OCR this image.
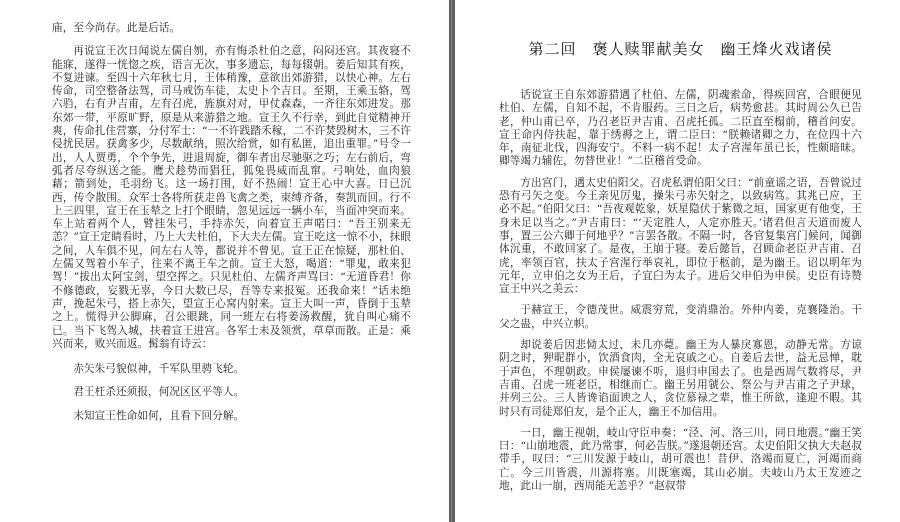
庙，至今尚存。此是后话。

再说宣王次日闻说左儒自刎，亦有悔杀杜伯之意，闷闷还宫。其夜寝不能寐，遂得一恍惚之疾，语言无次，事多遗忘，每每辍朝。姜后知其有疾，不复进谏。至四十六年秋七月，王体稍豫，意欲出郊游猎，以快心神。左右传命，司空整备法驾，司马戒饬车徒，太史卜个吉日。至期，王乘玉辂，驾六驺，右有尹吉甫，左有召虎，旌旗对对，甲仗森森，一齐往东郊进发。那东郊一带，平原旷野，原是从来游猎之地。宣王久不行幸，到此自觉精神开爽，传命扎住营寨，分付军士：“一不许践踏禾稼，二不许焚毁树木，三不许侵扰民居。获禽多少，尽数献纳，照次给赏，如有私匿，追出重罪。”号令一出，人人贾勇，个个争先，进退周旋，御车者出尽驰驱之巧；左右前后，弯弧者尽夸纵送之能。鹰犬趁势而猖狂，狐兔畏威而乱窜。弓响处，血肉狼藉；箭到处，毛羽纷飞。这一场打围，好不热闹！宣王心中大喜。日已沉西，传令散围。众军士各将所获走兽飞禽之类，束缚齐备，奏凯而回。行不上三四里，宣王在玉辇之上打个眼睛，忽见远远一辆小车，当面冲突而来。车上站着两个人，臂挂朱弓，手持赤矢，向着宣王声喏曰：“吾王别来无恙？”宣王定睛看时，乃上大夫杜伯，下大夫左儒。宣王吃这一惊不小，抹眼之间，人车俱不见，问左右人等，都说并不曾见。宣王正在惊疑，那杜伯、左儒又驾着小车子，往来不离王车之前。宣王大怒，喝道：“罪鬼，敢来犯驾！”拔出太阿宝剑，望空挥之。只见杜伯、左儒齐声骂曰：“无道昏君！你不修德政，妄戮无辜，今日大数已尽，吾等专来报冤。还我命来！”话未绝声，挽起朱弓，搭上赤矢，望宣王心窝内射来。宣王大叫一声，昏倒于玉辇之上。慌得尹公脚麻，召公眼跳，同一班左右将姜汤救醒，犹自叫心痛不已。当下飞驾入城，扶着宣王进宫。各军士未及领赏，草草而散。正是：乘兴而来，败兴而返。髯翁有诗云：

赤矢朱弓貌似神，千军队里骋飞轮。

君王枉杀还须报，何况区区平等人。

未知宣王性命如何，且看下回分解。

第二回　褒人赎罪献美女　幽王烽火戏诸侯

话说宣王自东郊游猎遇了杜伯、左儒，阴魂索命，得疾回宫，合眼便见杜伯、左儒，自知不起，不肯服药。三日之后，病势愈甚。其时周公久已告老，仲山甫已卒，乃召老臣尹吉甫、召虎托孤。二臣直至榻前，稽首问安。宣王命内侍扶起，靠于绣褥之上，谓二臣曰：“朕赖诸卿之力，在位四十六年，南征北伐，四海安宁。不料一病不起！太子宫湦年虽已长，性颇暗昧。卿等竭力辅佐，勿替世业！”二臣稽首受命。

方出宫门，遇太史伯阳父。召虎私谓伯阳父曰：“前童谣之语，吾曾说过恐有弓矢之变。今王亲见厉鬼，操朱弓赤矢射之，以致病笃。其兆已应，王必不起。”伯阳父曰：“吾夜观乾象，妖星隐伏于紫微之垣，国家更有他变，王身未足以当之。”尹吉甫曰：“‘天定胜人，人定亦胜天。’诸君但言天道而废人事，置三公六卿于何地乎？”言罢各散。不隔一时，各官复集宫门候问，闻御体沉重，不敢回家了。是夜，王崩于寝。姜后懿旨，召顾命老臣尹吉甫、召虎，率领百官，扶太子宫湦行举哀礼，即位于柩前，是为幽王。诏以明年为元年，立申伯之女为王后，子宜臼为太子。进后父申伯为申侯。史臣有诗赞宣王中兴之美云：

于赫宣王，令德茂世。威震穷荒，变消鼎治。外仲内姜，克襄隆治。干父之蛊，中兴立帜。

却说姜后因悲恸太过，未几亦薨。幽王为人暴戾寡恩，动静无常。方谅阴之时，狎昵群小，饮酒食肉，全无哀戚之心。自姜后去世，益无忌惮，耽于声色，不理朝政。申侯屡谏不听，退归申国去了。也是西周气数将尽，尹吉甫、召虎一班老臣，相继而亡。幽王另用虢公、祭公与尹吉甫之子尹球，并列三公。三人皆谗谄面谀之人，贪位慕禄之辈，惟王所欲，逢迎不暇。其时只有司徒郑伯友，是个正人，幽王不加信用。

一日，幽王视朝，岐山守臣申奏：“泾、河、洛三川，同日地震。”幽王笑曰：“山崩地震，此乃常事，何必告朕。”遂退朝还宫。太史伯阳父执大夫赵叔带手，叹曰：“三川发源于岐山，胡可震也！昔伊、洛竭而夏亡，河竭而商亡。今三川皆震，川源将塞。川既塞竭，其山必崩。夫岐山乃太王发迹之地，此山一崩，西周能无恙乎？”赵叔带
